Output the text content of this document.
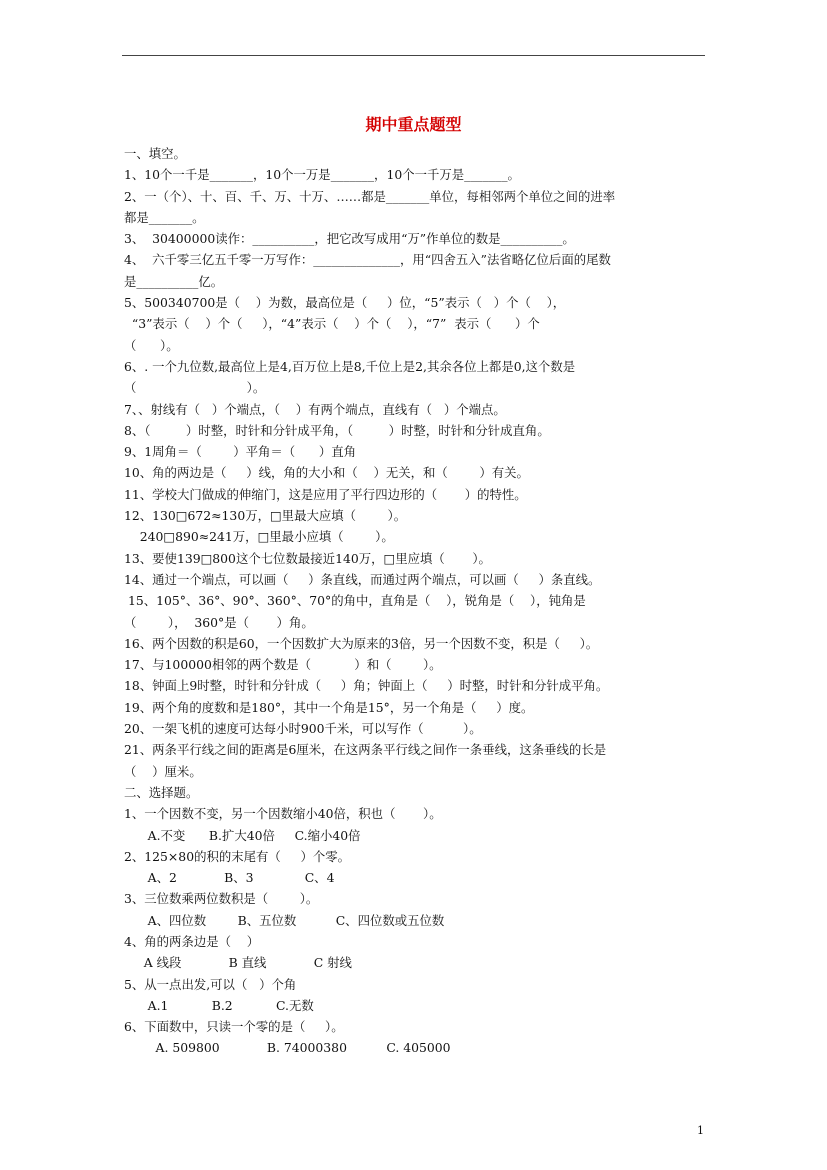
期中重点题型
一、填空。
1、10个一千是_______，10个一万是_______，10个一千万是_______。
2、一（个）、十、百、千、万、十万、……都是_______单位，每相邻两个单位之间的进率
都是_______。
3、  30400000读作：__________，把它改写成用“万”作单位的数是__________。
4、  六千零三亿五千零一万写作：______________，用“四舍五入”法省略亿位后面的尾数
是__________亿。
5、500340700是（    ）为数，最高位是（     ）位，“5”表示（   ）个（    ），
“3”表示（    ）个（     ），“4”表示（    ）个（    ），“7”  表示（      ）个
（      ）。
6、. 一个九位数,最高位上是4,百万位上是8,千位上是2,其余各位上都是0,这个数是
（                            ）。
7、、射线有（   ）个端点，（    ）有两个端点，直线有（   ）个端点。
8、（         ）时整，时针和分针成平角，（         ）时整，时针和分针成直角。
9、1周角＝（        ）平角＝（      ）直角
10、角的两边是（     ）线，角的大小和（    ）无关，和（        ）有关。
11、学校大门做成的伸缩门，这是应用了平行四边形的（       ）的特性。
12、130□672≈130万，□里最大应填（        ）。
240□890≈241万，□里最小应填（        ）。
13、要使139□800这个七位数最接近140万，□里应填（       ）。
14、通过一个端点，可以画（     ）条直线，而通过两个端点，可以画（     ）条直线。
15、105°、36°、90°、360°、70°的角中，直角是（    ），锐角是（    ），钝角是
（        ），  360°是（       ）角。
16、两个因数的积是60，一个因数扩大为原来的3倍，另一个因数不变，积是（     ）。
17、与100000相邻的两个数是（           ）和（        ）。
18、钟面上9时整，时针和分针成（     ）角；钟面上（     ）时整，时针和分针成平角。
19、两个角的度数和是180°，其中一个角是15°，另一个角是（     ）度。
20、一架飞机的速度可达每小时900千米，可以写作（          ）。
21、两条平行线之间的距离是6厘米，在这两条平行线之间作一条垂线，这条垂线的长是
（    ）厘米。
二、选择题。
1、一个因数不变，另一个因数缩小40倍，积也（       ）。
A.不变      B.扩大40倍     C.缩小40倍
2、125×80的积的末尾有（     ）个零。
A、2            B、3             C、4
3、三位数乘两位数积是（        ）。
A、四位数        B、五位数          C、四位数或五位数
4、角的两条边是（    ）
A 线段            B 直线            C 射线
5、从一点出发,可以（   ）个角
A.1           B.2           C.无数
6、下面数中，只读一个零的是（     ）。
A. 509800            B. 74000380          C. 405000
1
